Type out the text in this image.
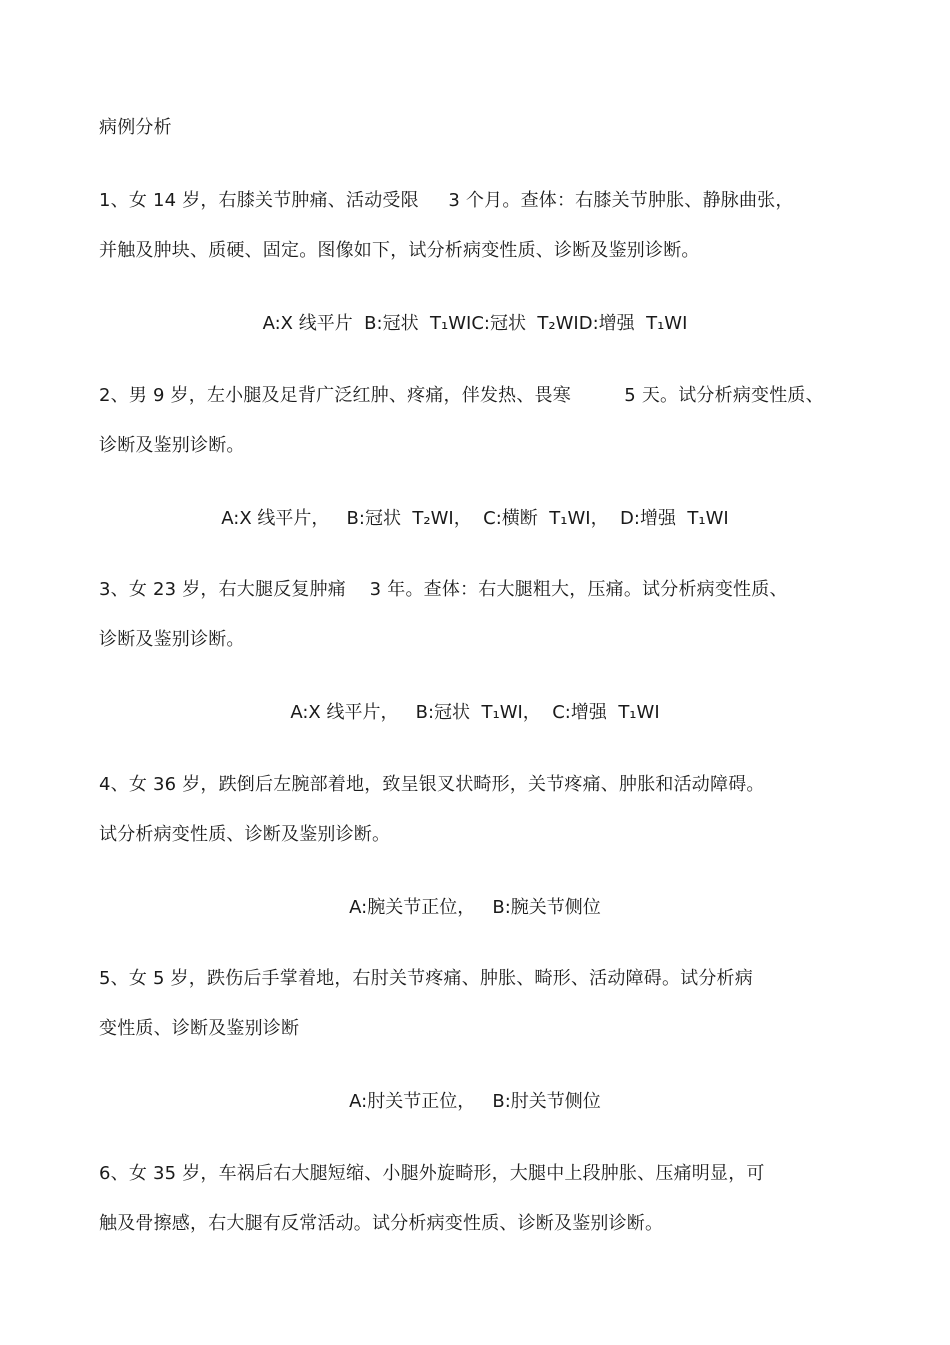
病例分析
1、女 14 岁，右膝关节肿痛、活动受限     3 个月。查体：右膝关节肿胀、静脉曲张，
并触及肿块、质硬、固定。图像如下，试分析病变性质、诊断及鉴别诊断。
A:X 线平片  B:冠状  T₁WIC:冠状  T₂WID:增强  T₁WI
2、男 9 岁，左小腿及足背广泛红肿、疼痛，伴发热、畏寒         5 天。试分析病变性质、
诊断及鉴别诊断。
A:X 线平片，   B:冠状  T₂WI，  C:横断  T₁WI，  D:增强  T₁WI
3、女 23 岁，右大腿反复肿痛    3 年。查体：右大腿粗大，压痛。试分析病变性质、
诊断及鉴别诊断。
A:X 线平片，   B:冠状  T₁WI，  C:增强  T₁WI
4、女 36 岁，跌倒后左腕部着地，致呈银叉状畸形，关节疼痛、肿胀和活动障碍。
试分析病变性质、诊断及鉴别诊断。
A:腕关节正位，   B:腕关节侧位
5、女 5 岁，跌伤后手掌着地，右肘关节疼痛、肿胀、畸形、活动障碍。试分析病
变性质、诊断及鉴别诊断
A:肘关节正位，   B:肘关节侧位
6、女 35 岁，车祸后右大腿短缩、小腿外旋畸形，大腿中上段肿胀、压痛明显，可
触及骨擦感，右大腿有反常活动。试分析病变性质、诊断及鉴别诊断。
